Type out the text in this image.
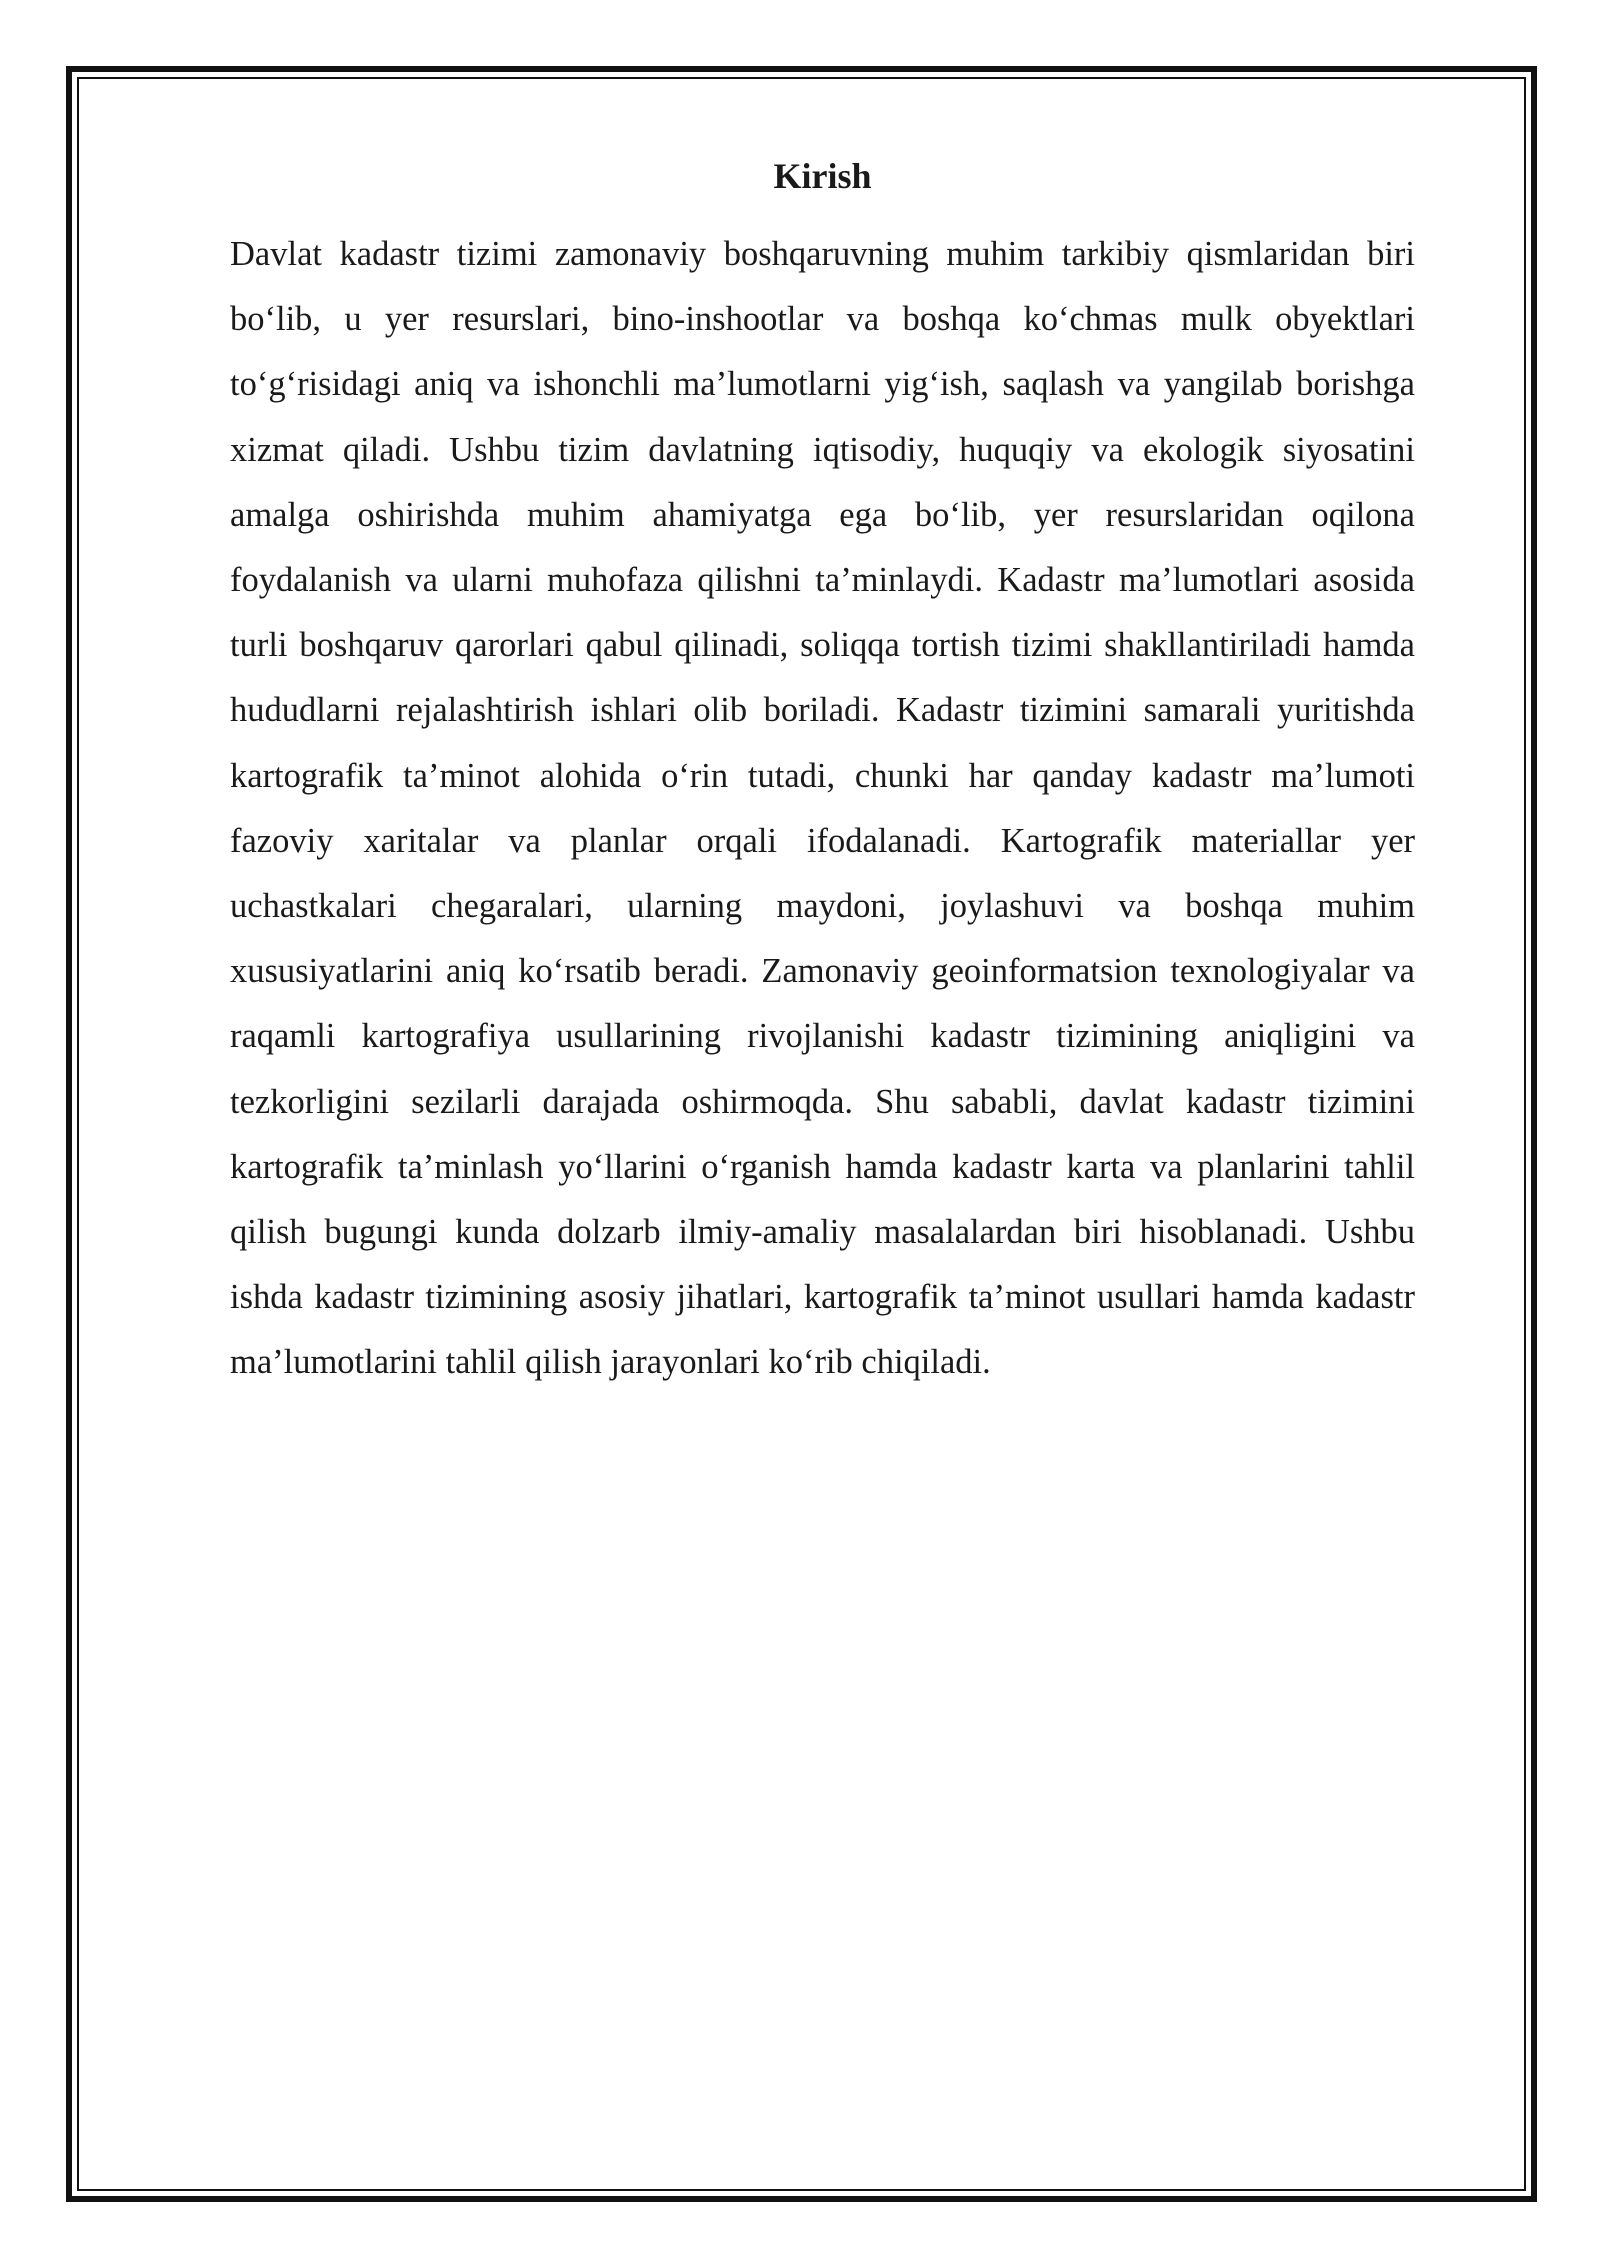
Kirish

Davlat kadastr tizimi zamonaviy boshqaruvning muhim tarkibiy qismlaridan biri bo‘lib, u yer resurslari, bino-inshootlar va boshqa ko‘chmas mulk obyektlari to‘g‘risidagi aniq va ishonchli ma’lumotlarni yig‘ish, saqlash va yangilab borishga xizmat qiladi. Ushbu tizim davlatning iqtisodiy, huquqiy va ekologik siyosatini amalga oshirishda muhim ahamiyatga ega bo‘lib, yer resurslaridan oqilona foydalanish va ularni muhofaza qilishni ta’minlaydi. Kadastr ma’lumotlari asosida turli boshqaruv qarorlari qabul qilinadi, soliqqa tortish tizimi shakllantiriladi hamda hududlarni rejalashtirish ishlari olib boriladi. Kadastr tizimini samarali yuritishda kartografik ta’minot alohida o‘rin tutadi, chunki har qanday kadastr ma’lumoti fazoviy xaritalar va planlar orqali ifodalanadi. Kartografik materiallar yer uchastkalari chegaralari, ularning maydoni, joylashuvi va boshqa muhim xususiyatlarini aniq ko‘rsatib beradi. Zamonaviy geoinformatsion texnologiyalar va raqamli kartografiya usullarining rivojlanishi kadastr tizimining aniqligini va tezkorligini sezilarli darajada oshirmoqda. Shu sababli, davlat kadastr tizimini kartografik ta’minlash yo‘llarini o‘rganish hamda kadastr karta va planlarini tahlil qilish bugungi kunda dolzarb ilmiy-amaliy masalalardan biri hisoblanadi. Ushbu ishda kadastr tizimining asosiy jihatlari, kartografik ta’minot usullari hamda kadastr ma’lumotlarini tahlil qilish jarayonlari ko‘rib chiqiladi.
